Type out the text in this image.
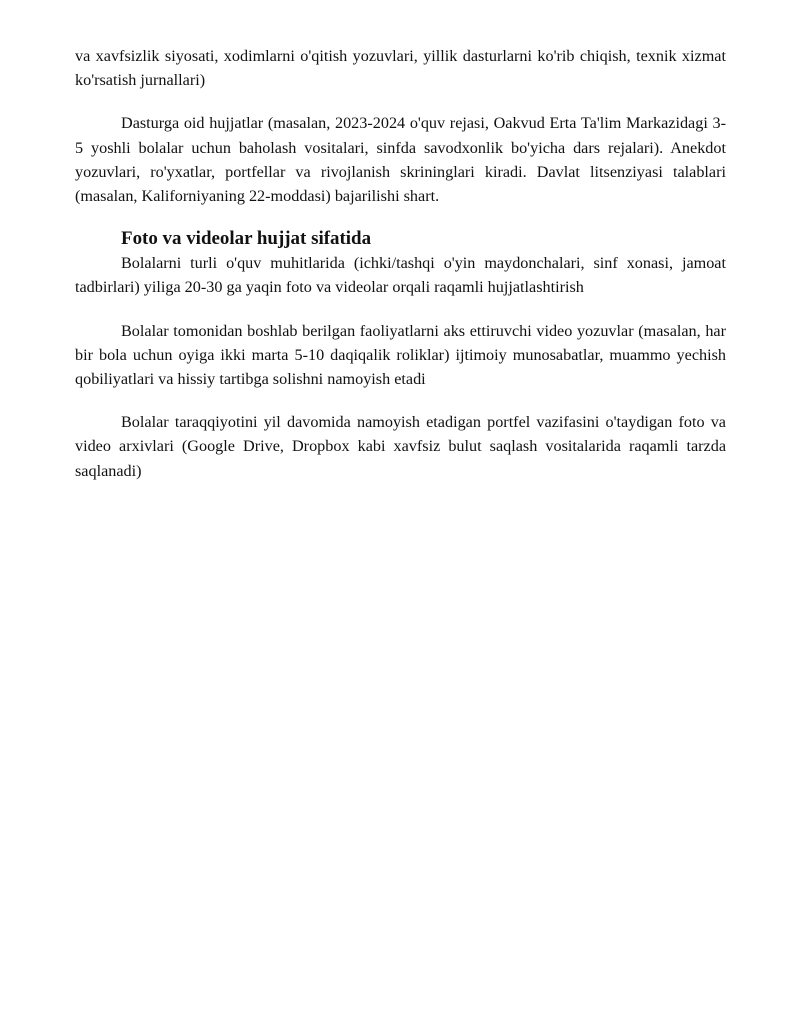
va xavfsizlik siyosati, xodimlarni o'qitish yozuvlari, yillik dasturlarni ko'rib chiqish, texnik xizmat ko'rsatish jurnallari)

Dasturga oid hujjatlar (masalan, 2023-2024 o'quv rejasi, Oakvud Erta Ta'lim Markazidagi 3-5 yoshli bolalar uchun baholash vositalari, sinfda savodxonlik bo'yicha dars rejalari). Anekdot yozuvlari, ro'yxatlar, portfellar va rivojlanish skrininglari kiradi. Davlat litsenziyasi talablari (masalan, Kaliforniyaning 22-moddasi) bajarilishi shart.

Foto va videolar hujjat sifatida

Bolalarni turli o'quv muhitlarida (ichki/tashqi o'yin maydonchalari, sinf xonasi, jamoat tadbirlari) yiliga 20-30 ga yaqin foto va videolar orqali raqamli hujjatlashtirish

Bolalar tomonidan boshlab berilgan faoliyatlarni aks ettiruvchi video yozuvlar (masalan, har bir bola uchun oyiga ikki marta 5-10 daqiqalik roliklar) ijtimoiy munosabatlar, muammo yechish qobiliyatlari va hissiy tartibga solishni namoyish etadi

Bolalar taraqqiyotini yil davomida namoyish etadigan portfel vazifasini o'taydigan foto va video arxivlari (Google Drive, Dropbox kabi xavfsiz bulut saqlash vositalarida raqamli tarzda saqlanadi)
